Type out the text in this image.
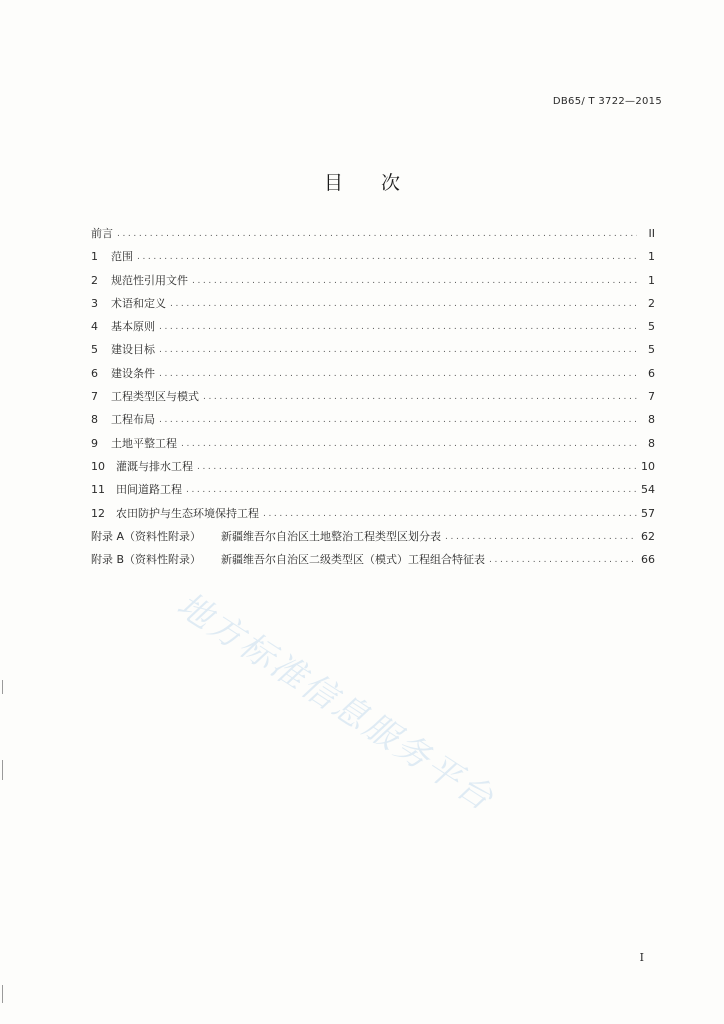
DB65/ T 3722—2015
目 次
前言 .....	II
1	范围 .....	1
2	规范性引用文件 .....	1
3	术语和定义 .....	2
4	基本原则 .....	5
5	建设目标 .....	5
6	建设条件 .....	6
7	工程类型区与模式 .....	7
8	工程布局 .....	8
9	土地平整工程 .....	8
10	灌溉与排水工程 .....	10
11	田间道路工程 .....	54
12	农田防护与生态环境保持工程 .....	57
附录 A（资料性附录） 新疆维吾尔自治区土地整治工程类型区划分表 .....	62
附录 B（资料性附录） 新疆维吾尔自治区二级类型区（模式）工程组合特征表 .....	66
地方标准信息服务平台
I
